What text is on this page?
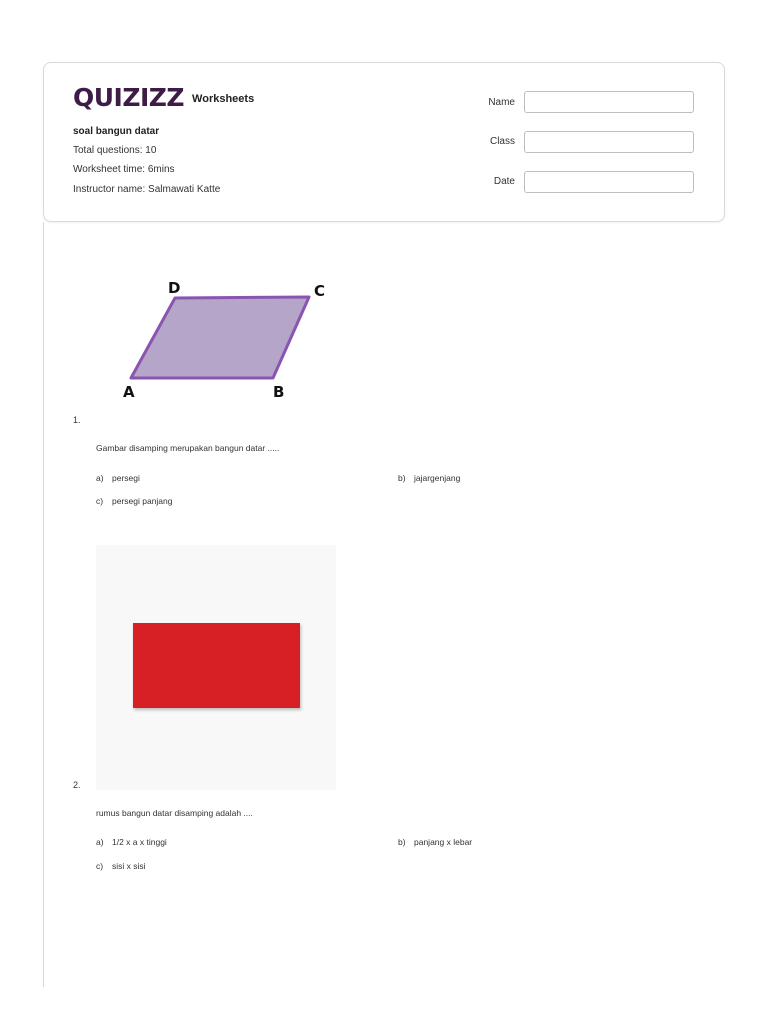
QUIZIZZ Worksheets
soal bangun datar
Total questions: 10
Worksheet time: 6mins
Instructor name: Salmawati Katte
Name
Class
Date
A	B
C
D
1.
Gambar disamping merupakan bangun datar .....
a) persegi	b) jajargenjang
c) persegi panjang
2.
rumus bangun datar disamping adalah ....
a) 1/2 x a x tinggi	b) panjang x lebar
c) sisi x sisi
